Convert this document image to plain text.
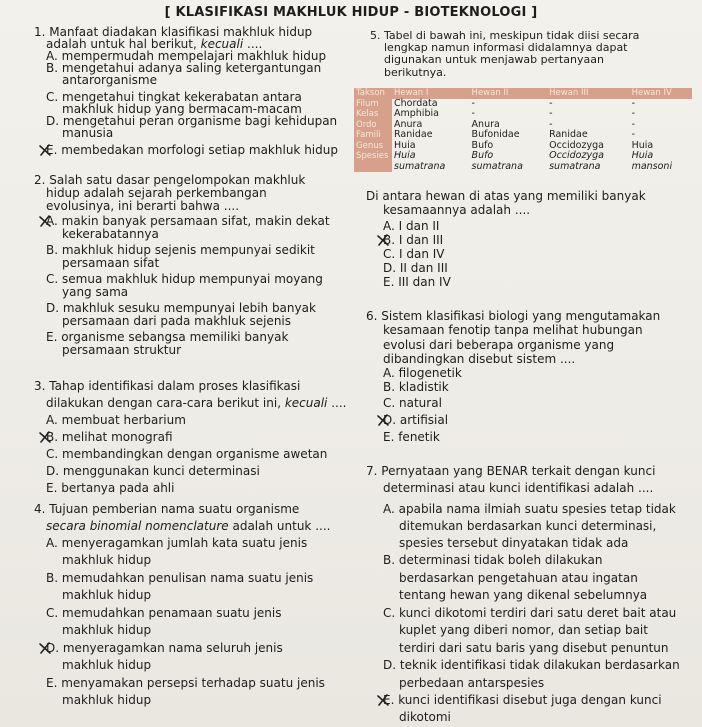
[ KLASIFIKASI MAKHLUK HIDUP - BIOTEKNOLOGI ]
1. Manfaat diadakan klasifikasi makhluk hidup
adalah untuk hal berikut, kecuali ....
A. mempermudah mempelajari makhluk hidup
B. mengetahui adanya saling ketergantungan
antarorganisme
C. mengetahui tingkat kekerabatan antara
makhluk hidup yang bermacam-macam
D. mengetahui peran organisme bagi kehidupan
manusia
E. membedakan morfologi setiap makhluk hidup
2. Salah satu dasar pengelompokan makhluk
hidup adalah sejarah perkembangan
evolusinya, ini berarti bahwa ....
A. makin banyak persamaan sifat, makin dekat
kekerabatannya
B. makhluk hidup sejenis mempunyai sedikit
persamaan sifat
C. semua makhluk hidup mempunyai moyang
yang sama
D. makhluk sesuku mempunyai lebih banyak
persamaan dari pada makhluk sejenis
E. organisme sebangsa memiliki banyak
persamaan struktur
3. Tahap identifikasi dalam proses klasifikasi
dilakukan dengan cara-cara berikut ini, kecuali ....
A. membuat herbarium
B. melihat monografi
C. membandingkan dengan organisme awetan
D. menggunakan kunci determinasi
E. bertanya pada ahli
4. Tujuan pemberian nama suatu organisme
secara binomial nomenclature adalah untuk ....
A. menyeragamkan jumlah kata suatu jenis
makhluk hidup
B. memudahkan penulisan nama suatu jenis
makhluk hidup
C. memudahkan penamaan suatu jenis
makhluk hidup
D. menyeragamkan nama seluruh jenis
makhluk hidup
E. menyamakan persepsi terhadap suatu jenis
makhluk hidup
5. Tabel di bawah ini, meskipun tidak diisi secara
lengkap namun informasi didalamnya dapat
digunakan untuk menjawab pertanyaan
berikutnya.
Takson	Hewan I	Hewan II	Hewan III	Hewan IV
Filum	Chordata	-	-	-
Kelas	Amphibia	-	-	-
Ordo	Anura	Anura	-	-
Famili	Ranidae	Bufonidae	Ranidae	-
Genus	Huia	Bufo	Occidozyga	Huia
Spesies	Huia	Bufo	Occidozyga	Huia
	sumatrana	sumatrana	sumatrana	mansoni
Di antara hewan di atas yang memiliki banyak
kesamaannya adalah ....
A. I dan II
B. I dan III
C. I dan IV
D. II dan III
E. III dan IV
6. Sistem klasifikasi biologi yang mengutamakan
kesamaan fenotip tanpa melihat hubungan
evolusi dari beberapa organisme yang
dibandingkan disebut sistem ....
A. filogenetik
B. kladistik
C. natural
D. artifisial
E. fenetik
7. Pernyataan yang BENAR terkait dengan kunci
determinasi atau kunci identifikasi adalah ....
A. apabila nama ilmiah suatu spesies tetap tidak
ditemukan berdasarkan kunci determinasi,
spesies tersebut dinyatakan tidak ada
B. determinasi tidak boleh dilakukan
berdasarkan pengetahuan atau ingatan
tentang hewan yang dikenal sebelumnya
C. kunci dikotomi terdiri dari satu deret bait atau
kuplet yang diberi nomor, dan setiap bait
terdiri dari satu baris yang disebut penuntun
D. teknik identifikasi tidak dilakukan berdasarkan
perbedaan antarspesies
E. kunci identifikasi disebut juga dengan kunci
dikotomi
